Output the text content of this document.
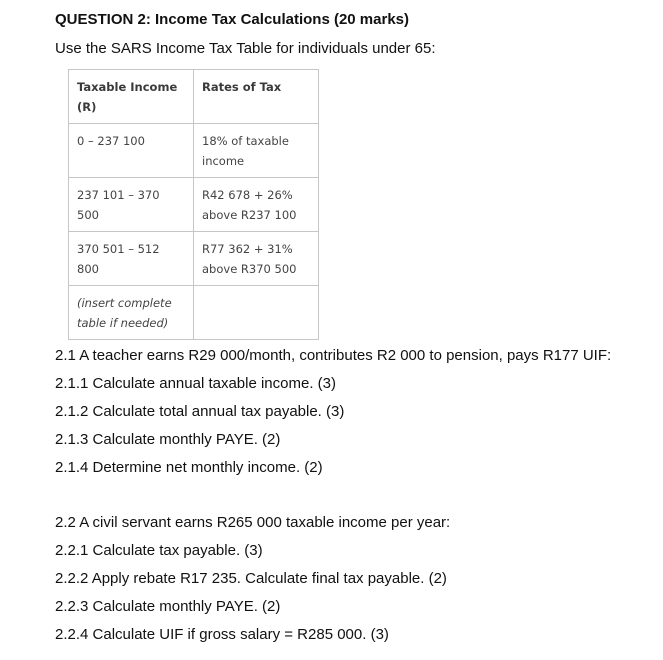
QUESTION 2: Income Tax Calculations (20 marks)

Use the SARS Income Tax Table for individuals under 65:

Taxable Income (R)	Rates of Tax
0 – 237 100	18% of taxable income
237 101 – 370 500	R42 678 + 26% above R237 100
370 501 – 512 800	R77 362 + 31% above R370 500
(insert complete table if needed)	

2.1 A teacher earns R29 000/month, contributes R2 000 to pension, pays R177 UIF:

2.1.1 Calculate annual taxable income. (3)

2.1.2 Calculate total annual tax payable. (3)

2.1.3 Calculate monthly PAYE. (2)

2.1.4 Determine net monthly income. (2)

2.2 A civil servant earns R265 000 taxable income per year:

2.2.1 Calculate tax payable. (3)

2.2.2 Apply rebate R17 235. Calculate final tax payable. (2)

2.2.3 Calculate monthly PAYE. (2)

2.2.4 Calculate UIF if gross salary = R285 000. (3)
